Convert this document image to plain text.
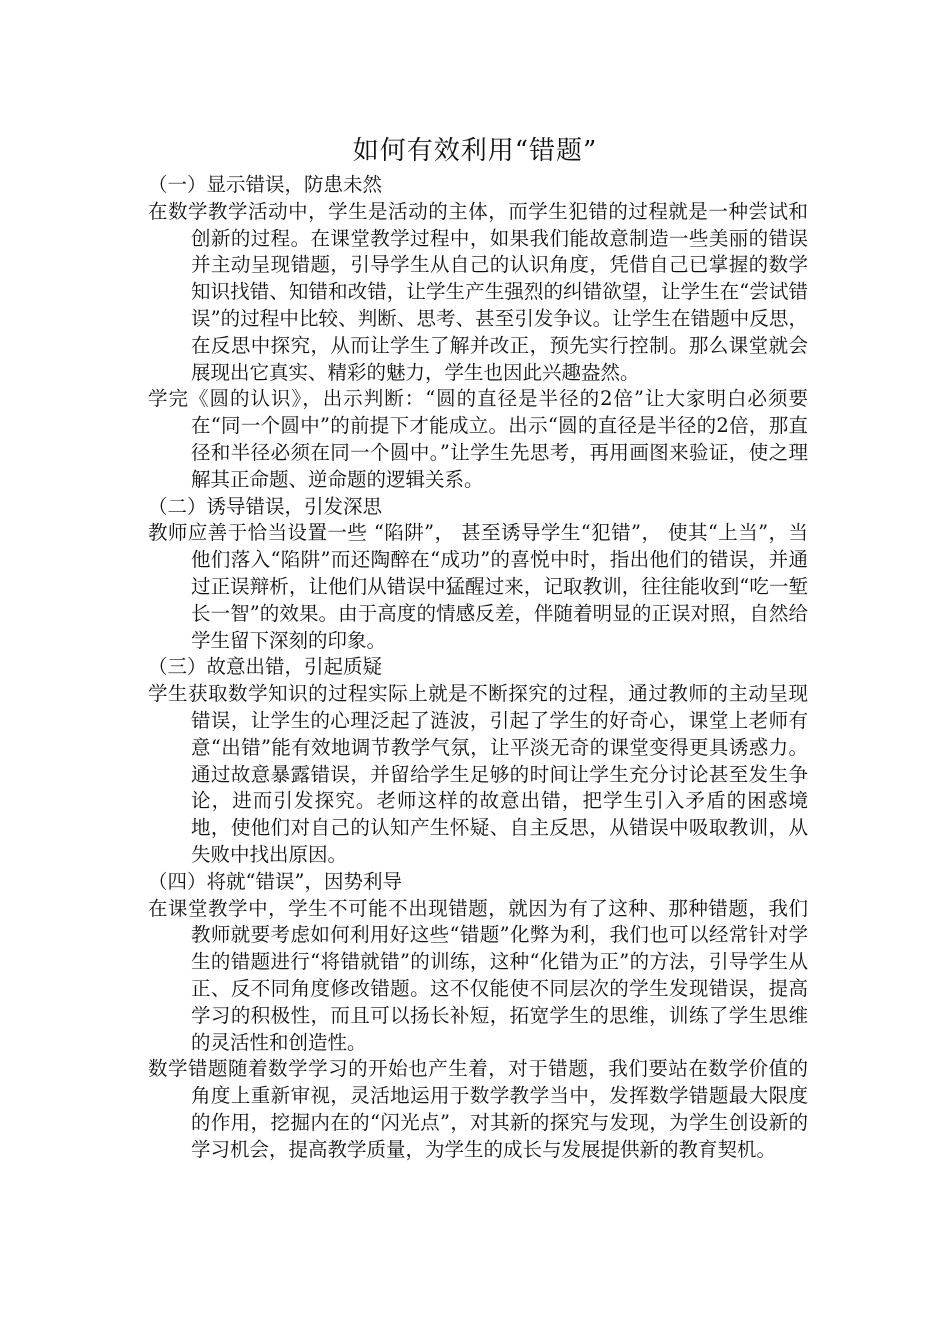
如何有效利用“错题”
（一）显示错误，防患未然
在数学教学活动中，学生是活动的主体，而学生犯错的过程就是一种尝试和创新的过程。在课堂教学过程中，如果我们能故意制造一些美丽的错误并主动呈现错题，引导学生从自己的认识角度，凭借自己已掌握的数学知识找错、知错和改错，让学生产生强烈的纠错欲望，让学生在“尝试错误”的过程中比较、判断、思考、甚至引发争议。让学生在错题中反思，在反思中探究，从而让学生了解并改正，预先实行控制。那么课堂就会展现出它真实、精彩的魅力，学生也因此兴趣盎然。
学完《圆的认识》，出示判断：“圆的直径是半径的2倍”让大家明白必须要在“同一个圆中”的前提下才能成立。出示“圆的直径是半径的2倍，那直径和半径必须在同一个圆中。”让学生先思考，再用画图来验证，使之理解其正命题、逆命题的逻辑关系。
（二）诱导错误，引发深思
教师应善于恰当设置一些 “陷阱”， 甚至诱导学生“犯错”， 使其“上当”，当他们落入“陷阱”而还陶醉在“成功”的喜悦中时，指出他们的错误，并通过正误辩析，让他们从错误中猛醒过来，记取教训，往往能收到“吃一堑长一智”的效果。由于高度的情感反差，伴随着明显的正误对照，自然给学生留下深刻的印象。
（三）故意出错，引起质疑
学生获取数学知识的过程实际上就是不断探究的过程，通过教师的主动呈现错误，让学生的心理泛起了涟波，引起了学生的好奇心，课堂上老师有意“出错”能有效地调节教学气氛，让平淡无奇的课堂变得更具诱惑力。通过故意暴露错误，并留给学生足够的时间让学生充分讨论甚至发生争论，进而引发探究。老师这样的故意出错，把学生引入矛盾的困惑境地，使他们对自己的认知产生怀疑、自主反思，从错误中吸取教训，从失败中找出原因。
（四）将就“错误”，因势利导
在课堂教学中，学生不可能不出现错题，就因为有了这种、那种错题，我们教师就要考虑如何利用好这些“错题”化弊为利，我们也可以经常针对学生的错题进行“将错就错”的训练，这种“化错为正”的方法，引导学生从正、反不同角度修改错题。这不仅能使不同层次的学生发现错误，提高学习的积极性，而且可以扬长补短，拓宽学生的思维，训练了学生思维的灵活性和创造性。
数学错题随着数学学习的开始也产生着，对于错题，我们要站在数学价值的角度上重新审视，灵活地运用于数学教学当中，发挥数学错题最大限度的作用，挖掘内在的“闪光点”，对其新的探究与发现，为学生创设新的学习机会，提高教学质量，为学生的成长与发展提供新的教育契机。
